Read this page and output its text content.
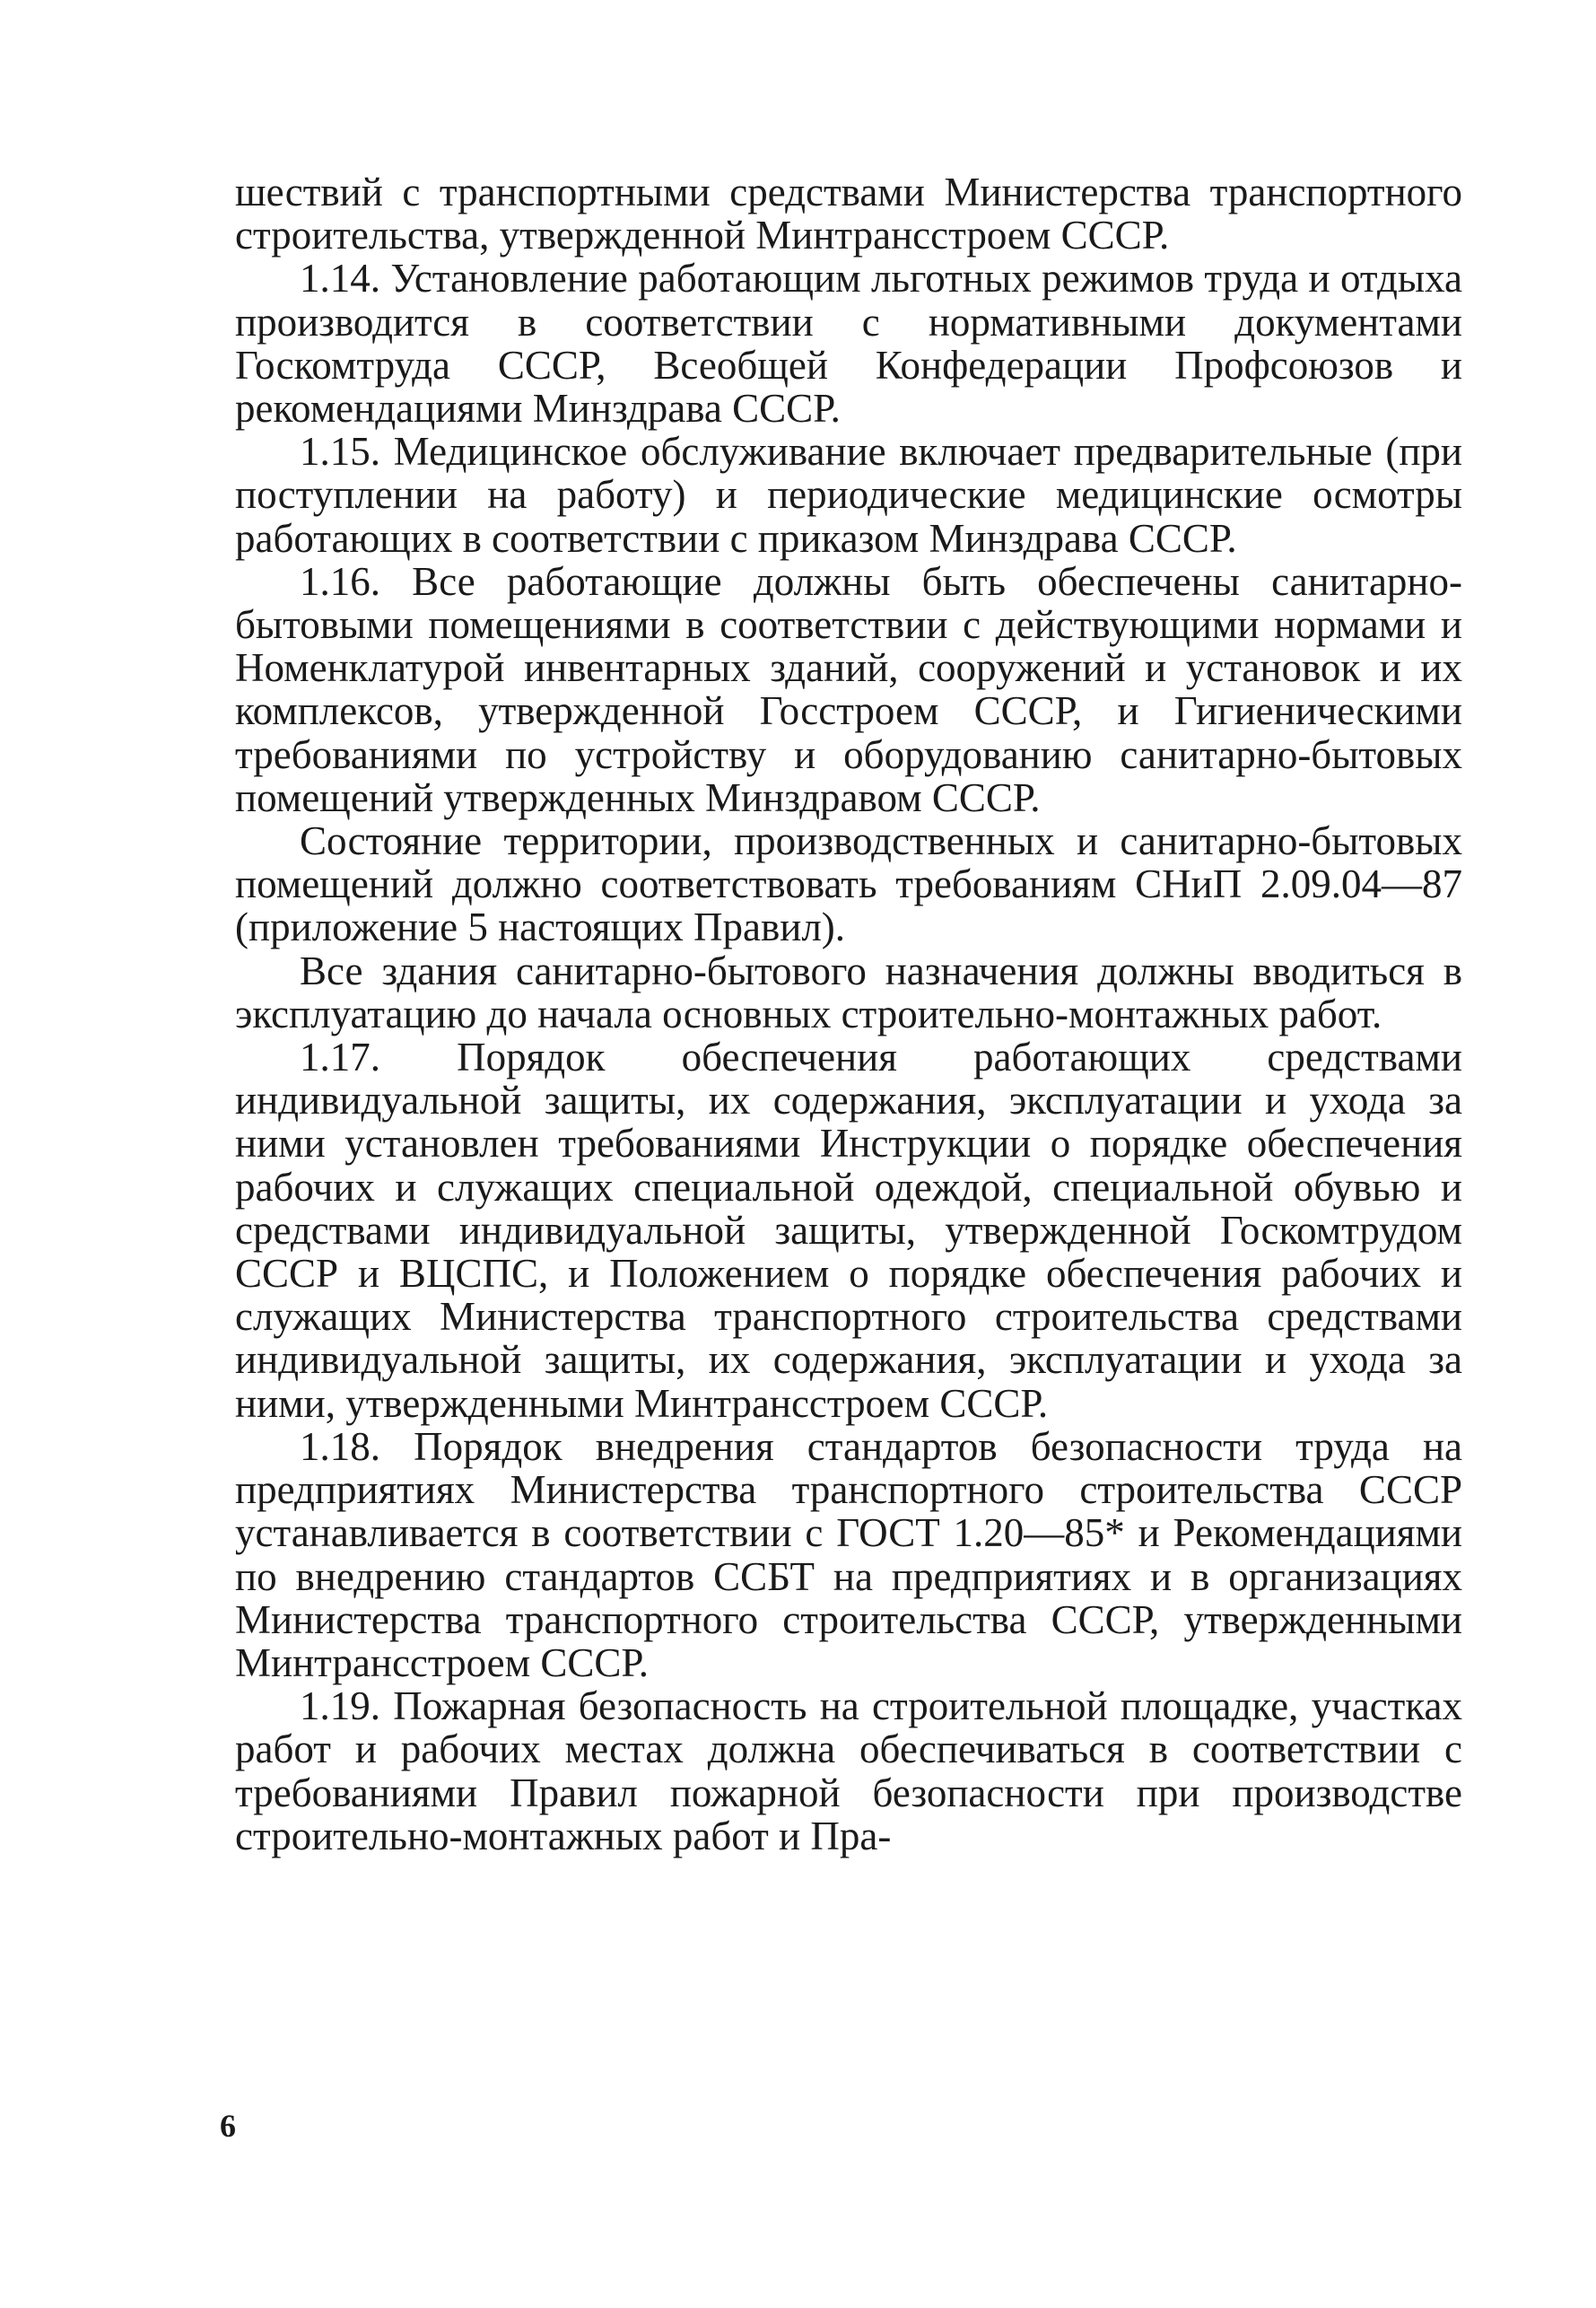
шествий с транспортными средствами Министерства транспортного строительства, утвержденной Минтрансстроем СССР.

1.14. Установление работающим льготных режимов труда и отдыха производится в соответствии с нормативными документами Госкомтруда СССР, Всеобщей Конфедерации Профсоюзов и рекомендациями Минздрава СССР.

1.15. Медицинское обслуживание включает предварительные (при поступлении на работу) и периодические медицинские осмотры работающих в соответствии с приказом Минздрава СССР.

1.16. Все работающие должны быть обеспечены санитарно-бытовыми помещениями в соответствии с действующими нормами и Номенклатурой инвентарных зданий, сооружений и установок и их комплексов, утвержденной Госстроем СССР, и Гигиеническими требованиями по устройству и оборудованию санитарно-бытовых помещений утвержденных Минздравом СССР.

Состояние территории, производственных и санитарно-бытовых помещений должно соответствовать требованиям СНиП 2.09.04—87 (приложение 5 настоящих Правил).

Все здания санитарно-бытового назначения должны вводиться в эксплуатацию до начала основных строительно-монтажных работ.

1.17. Порядок обеспечения работающих средствами индивидуальной защиты, их содержания, эксплуатации и ухода за ними установлен требованиями Инструкции о порядке обеспечения рабочих и служащих специальной одеждой, специальной обувью и средствами индивидуальной защиты, утвержденной Госкомтрудом СССР и ВЦСПС, и Положением о порядке обеспечения рабочих и служащих Министерства транспортного строительства средствами индивидуальной защиты, их содержания, эксплуатации и ухода за ними, утвержденными Минтрансстроем СССР.

1.18. Порядок внедрения стандартов безопасности труда на предприятиях Министерства транспортного строительства СССР устанавливается в соответствии с ГОСТ 1.20—85* и Рекомендациями по внедрению стандартов ССБТ на предприятиях и в организациях Министерства транспортного строительства СССР, утвержденными Минтрансстроем СССР.

1.19. Пожарная безопасность на строительной площадке, участках работ и рабочих местах должна обеспечиваться в соответствии с требованиями Правил пожарной безопасности при производстве строительно-монтажных работ и Пра-

6
